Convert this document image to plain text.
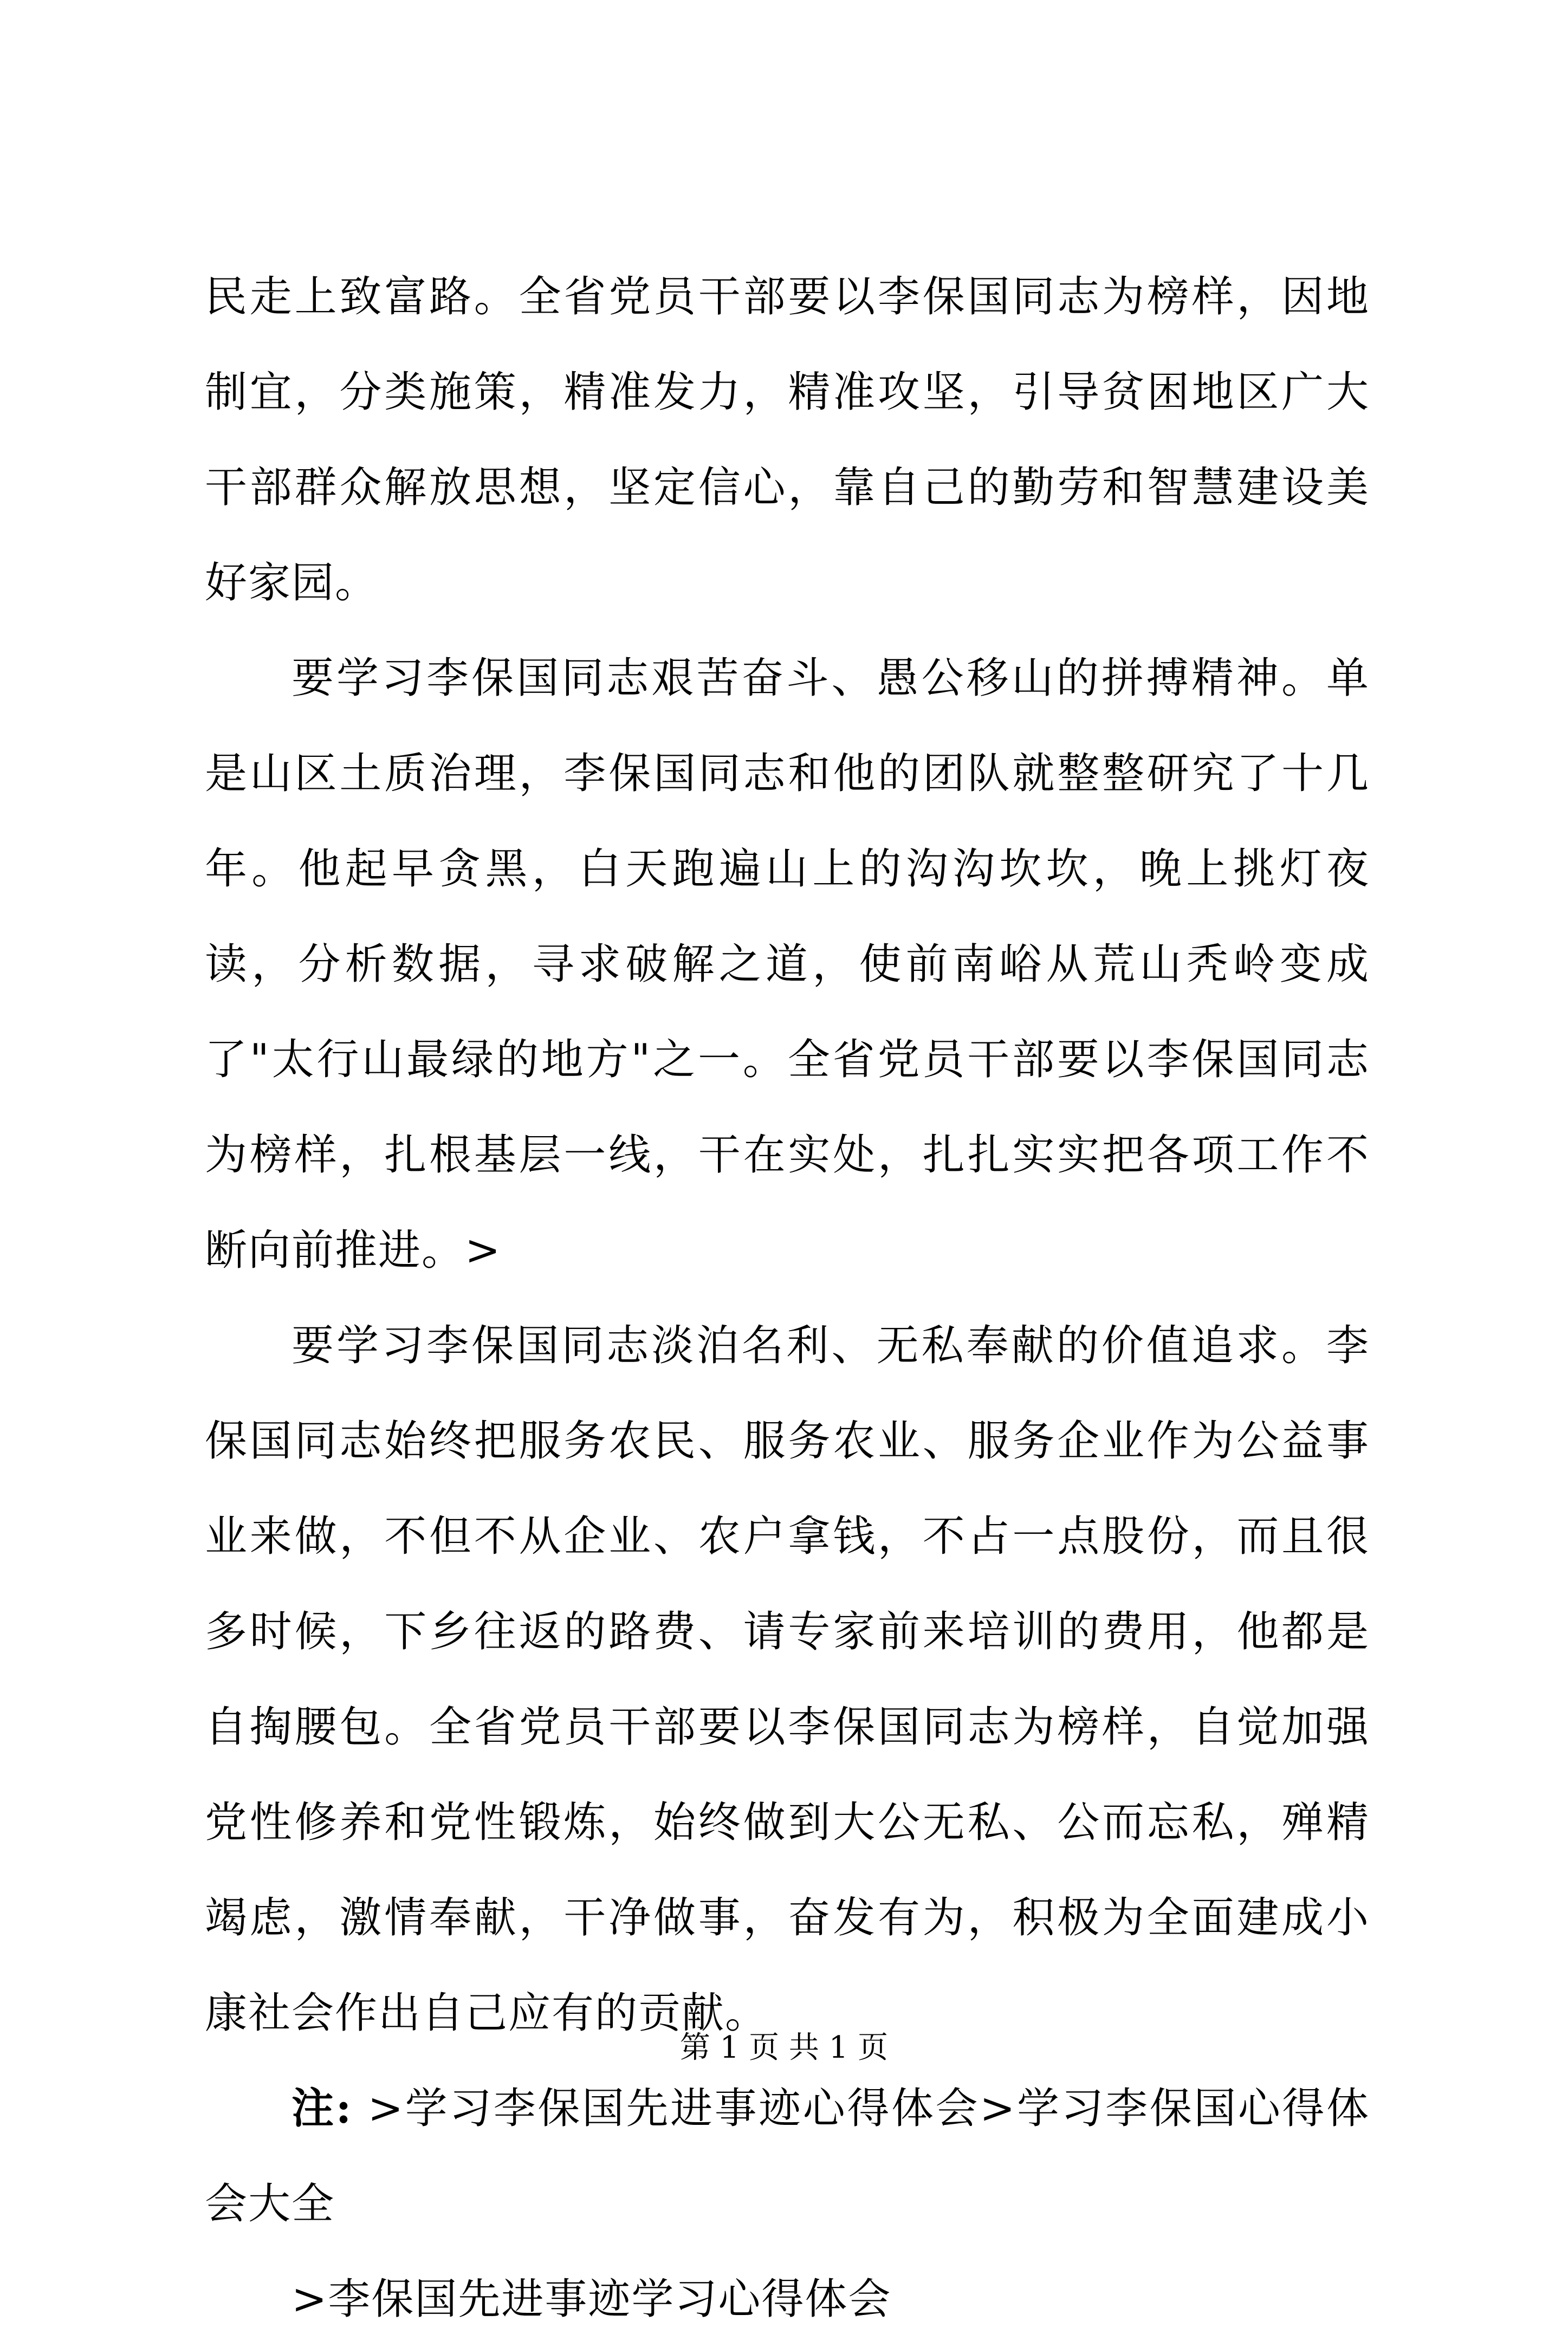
民走上致富路。全省党员干部要以李保国同志为榜样，因地制宜，分类施策，精准发力，精准攻坚，引导贫困地区广大干部群众解放思想，坚定信心，靠自己的勤劳和智慧建设美好家园。

要学习李保国同志艰苦奋斗、愚公移山的拼搏精神。单是山区土质治理，李保国同志和他的团队就整整研究了十几年。他起早贪黑，白天跑遍山上的沟沟坎坎，晚上挑灯夜读，分析数据，寻求破解之道，使前南峪从荒山秃岭变成了"太行山最绿的地方"之一。全省党员干部要以李保国同志为榜样，扎根基层一线，干在实处，扎扎实实把各项工作不断向前推进。>

要学习李保国同志淡泊名利、无私奉献的价值追求。李保国同志始终把服务农民、服务农业、服务企业作为公益事业来做，不但不从企业、农户拿钱，不占一点股份，而且很多时候，下乡往返的路费、请专家前来培训的费用，他都是自掏腰包。全省党员干部要以李保国同志为榜样，自觉加强党性修养和党性锻炼，始终做到大公无私、公而忘私，殚精竭虑，激情奉献，干净做事，奋发有为，积极为全面建成小康社会作出自己应有的贡献。

注: >学习李保国先进事迹心得体会>学习李保国心得体会大全

>李保国先进事迹学习心得体会

第 1 页 共 1 页
